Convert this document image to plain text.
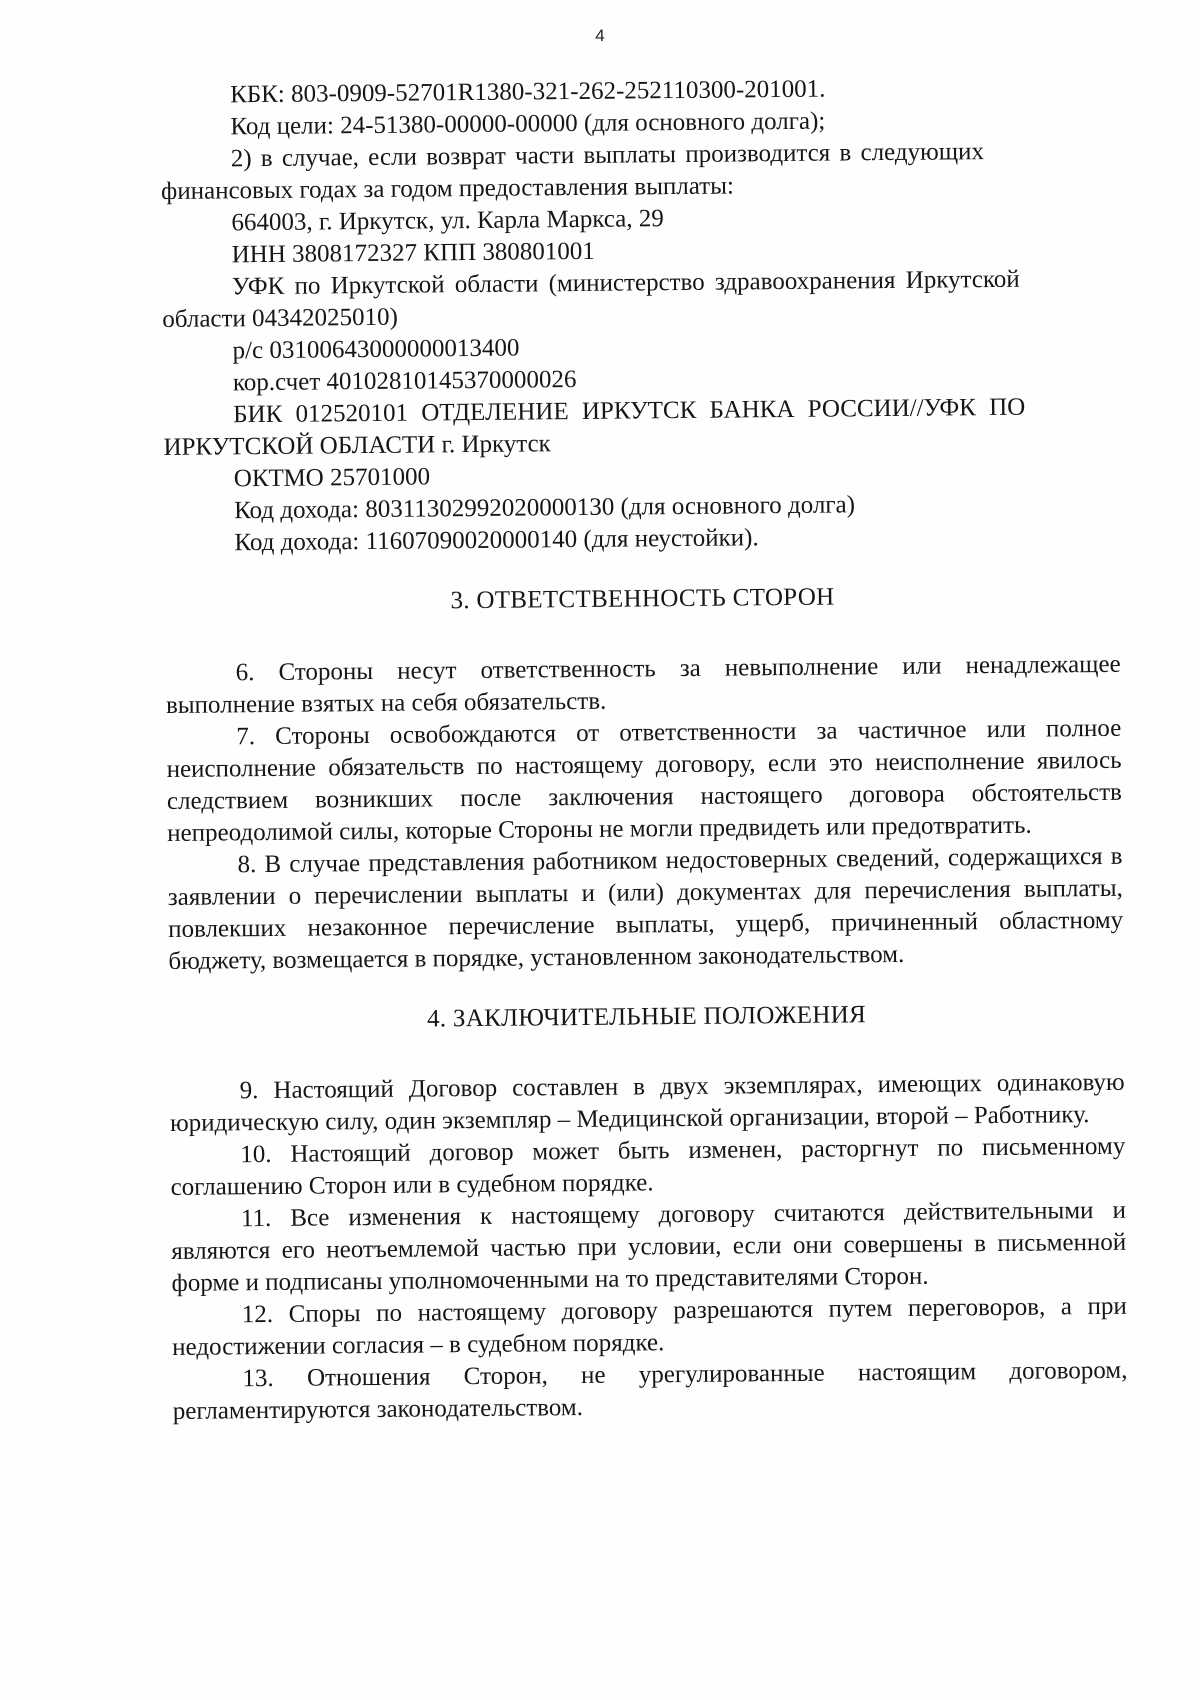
4
КБК: 803-0909-52701R1380-321-262-252110300-201001.
Код цели: 24-51380-00000-00000 (для основного долга);
2) в случае, если возврат части выплаты производится в следующих
финансовых годах за годом предоставления выплаты:
664003, г. Иркутск, ул. Карла Маркса, 29
ИНН 3808172327 КПП 380801001
УФК по Иркутской области (министерство здравоохранения Иркутской
области 04342025010)
р/с 03100643000000013400
кор.счет 40102810145370000026
БИК 012520101 ОТДЕЛЕНИЕ ИРКУТСК БАНКА РОССИИ//УФК ПО
ИРКУТСКОЙ ОБЛАСТИ г. Иркутск
ОКТМО 25701000
Код дохода: 80311302992020000130 (для основного долга)
Код дохода: 11607090020000140 (для неустойки).
3. ОТВЕТСТВЕННОСТЬ СТОРОН
6. Стороны несут ответственность за невыполнение или ненадлежащее выполнение взятых на себя обязательств.
7. Стороны освобождаются от ответственности за частичное или полное неисполнение обязательств по настоящему договору, если это неисполнение явилось следствием возникших после заключения настоящего договора обстоятельств непреодолимой силы, которые Стороны не могли предвидеть или предотвратить.
8. В случае представления работником недостоверных сведений, содержащихся в заявлении о перечислении выплаты и (или) документах для перечисления выплаты, повлекших незаконное перечисление выплаты, ущерб, причиненный областному бюджету, возмещается в порядке, установленном законодательством.
4. ЗАКЛЮЧИТЕЛЬНЫЕ ПОЛОЖЕНИЯ
9. Настоящий Договор составлен в двух экземплярах, имеющих одинаковую юридическую силу, один экземпляр – Медицинской организации, второй – Работнику.
10. Настоящий договор может быть изменен, расторгнут по письменному соглашению Сторон или в судебном порядке.
11. Все изменения к настоящему договору считаются действительными и являются его неотъемлемой частью при условии, если они совершены в письменной форме и подписаны уполномоченными на то представителями Сторон.
12. Споры по настоящему договору разрешаются путем переговоров, а при недостижении согласия – в судебном порядке.
13. Отношения Сторон, не урегулированные настоящим договором, регламентируются законодательством.
